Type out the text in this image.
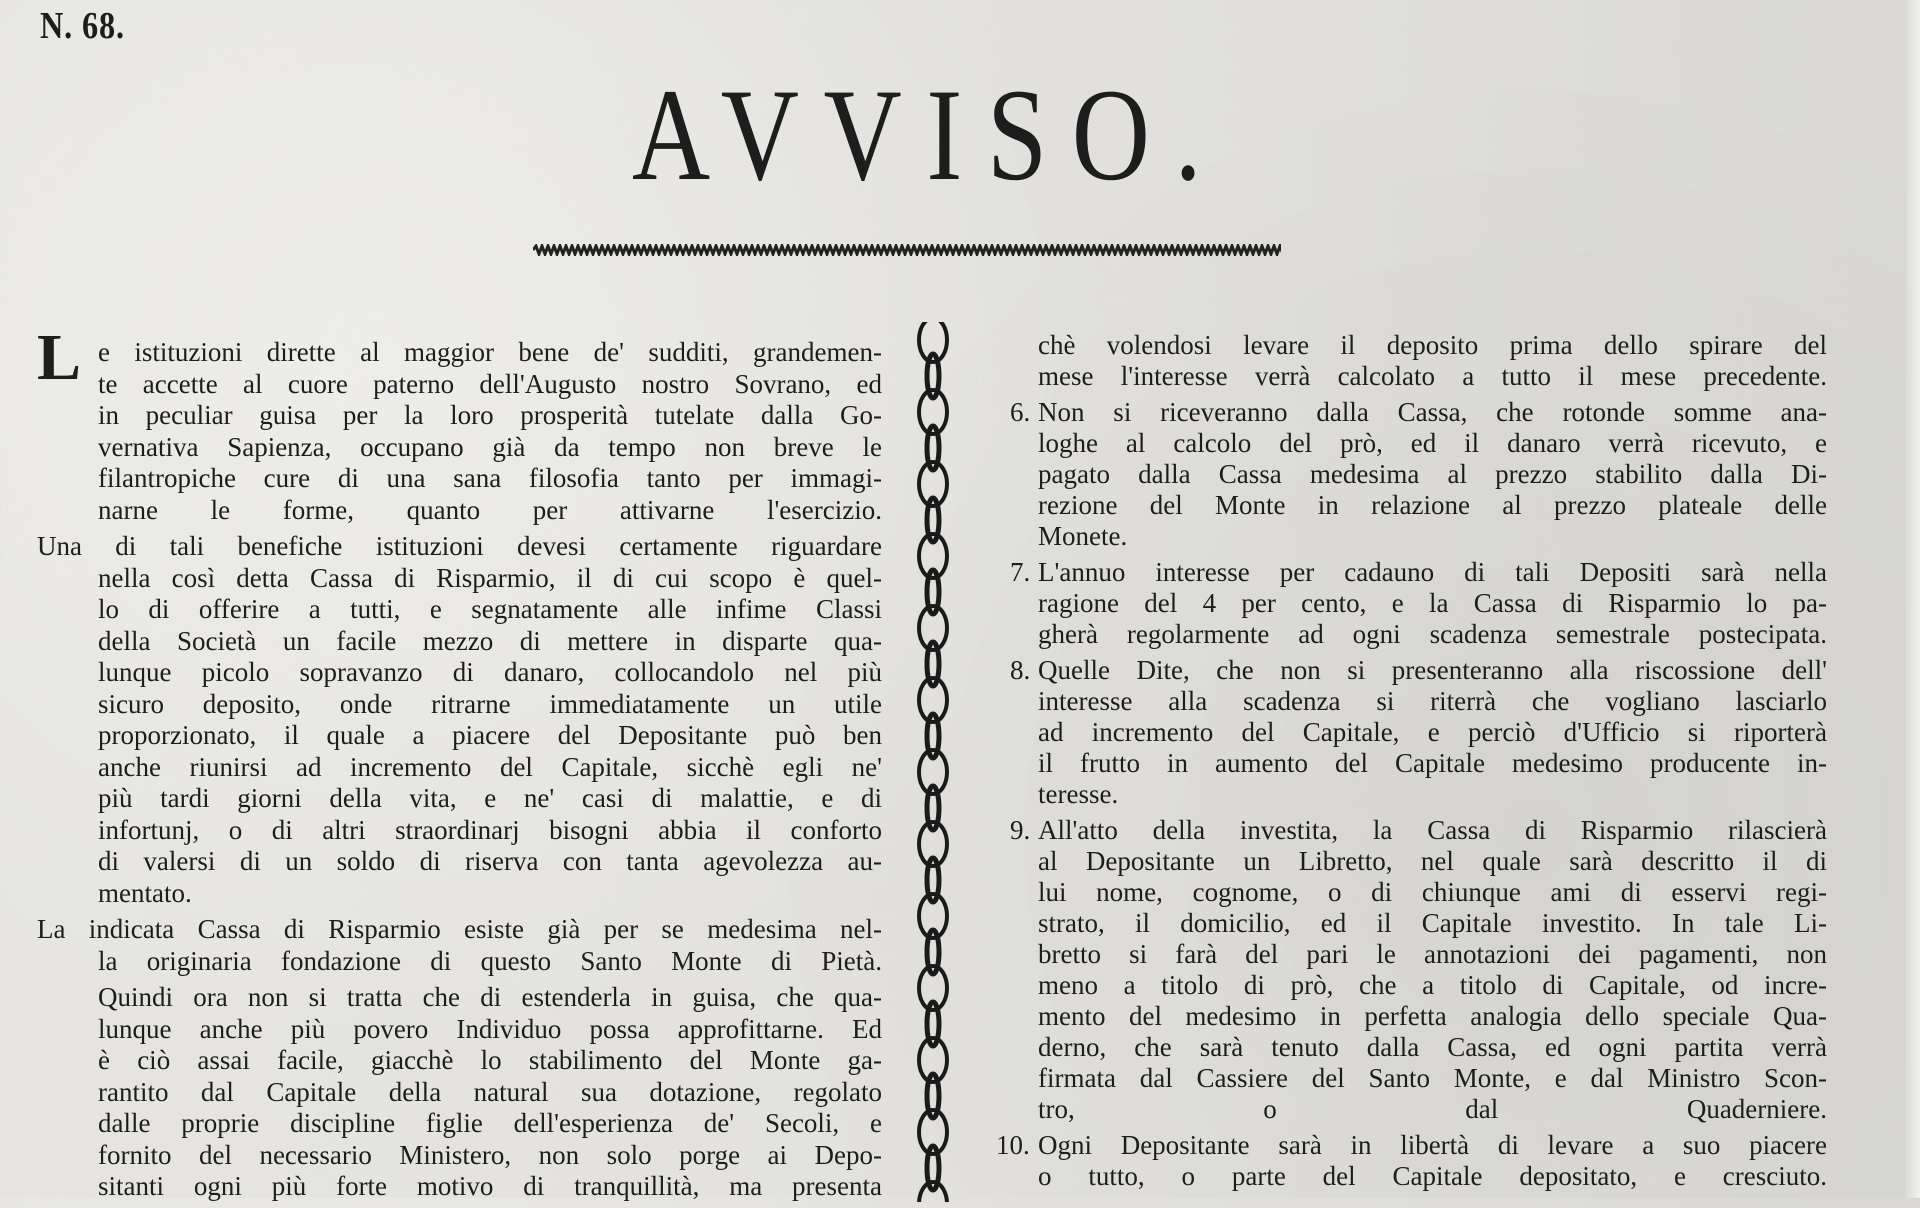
N. 68.
AVVISO.
L e istituzioni dirette al maggior bene de' sudditi, grandemen-
te accette al cuore paterno dell'Augusto nostro Sovrano, ed
in peculiar guisa per la loro prosperità tutelate dalla Go-
vernativa Sapienza, occupano già da tempo non breve le
filantropiche cure di una sana filosofia tanto per immagi-
narne le forme, quanto per attivarne l'esercizio.
Una di tali benefiche istituzioni devesi certamente riguardare
nella così detta Cassa di Risparmio, il di cui scopo è quel-
lo di offerire a tutti, e segnatamente alle infime Classi
della Società un facile mezzo di mettere in disparte qua-
lunque picolo sopravanzo di danaro, collocandolo nel più
sicuro deposito, onde ritrarne immediatamente un utile
proporzionato, il quale a piacere del Depositante può ben
anche riunirsi ad incremento del Capitale, sicchè egli ne'
più tardi giorni della vita, e ne' casi di malattie, e di
infortunj, o di altri straordinarj bisogni abbia il conforto
di valersi di un soldo di riserva con tanta agevolezza au-
mentato.
La indicata Cassa di Risparmio esiste già per se medesima nel-
la originaria fondazione di questo Santo Monte di Pietà.
Quindi ora non si tratta che di estenderla in guisa, che qua-
lunque anche più povero Individuo possa approfittarne. Ed
è ciò assai facile, giacchè lo stabilimento del Monte ga-
rantito dal Capitale della natural sua dotazione, regolato
dalle proprie discipline figlie dell'esperienza de' Secoli, e
fornito del necessario Ministero, non solo porge ai Depo-
sitanti ogni più forte motivo di tranquillità, ma presenta
chè volendosi levare il deposito prima dello spirare del
mese l'interesse verrà calcolato a tutto il mese precedente.
6. Non si riceveranno dalla Cassa, che rotonde somme ana-
loghe al calcolo del prò, ed il danaro verrà ricevuto, e
pagato dalla Cassa medesima al prezzo stabilito dalla Di-
rezione del Monte in relazione al prezzo plateale delle
Monete.
7. L'annuo interesse per cadauno di tali Depositi sarà nella
ragione del 4 per cento, e la Cassa di Risparmio lo pa-
gherà regolarmente ad ogni scadenza semestrale postecipata.
8. Quelle Dite, che non si presenteranno alla riscossione dell'
interesse alla scadenza si riterrà che vogliano lasciarlo
ad incremento del Capitale, e perciò d'Ufficio si riporterà
il frutto in aumento del Capitale medesimo producente in-
teresse.
9. All'atto della investita, la Cassa di Risparmio rilascierà
al Depositante un Libretto, nel quale sarà descritto il di
lui nome, cognome, o di chiunque ami di esservi regi-
strato, il domicilio, ed il Capitale investito. In tale Li-
bretto si farà del pari le annotazioni dei pagamenti, non
meno a titolo di prò, che a titolo di Capitale, od incre-
mento del medesimo in perfetta analogia dello speciale Qua-
derno, che sarà tenuto dalla Cassa, ed ogni partita verrà
firmata dal Cassiere del Santo Monte, e dal Ministro Scon-
tro, o dal Quaderniere.
10. Ogni Depositante sarà in libertà di levare a suo piacere
o tutto, o parte del Capitale depositato, e cresciuto.
